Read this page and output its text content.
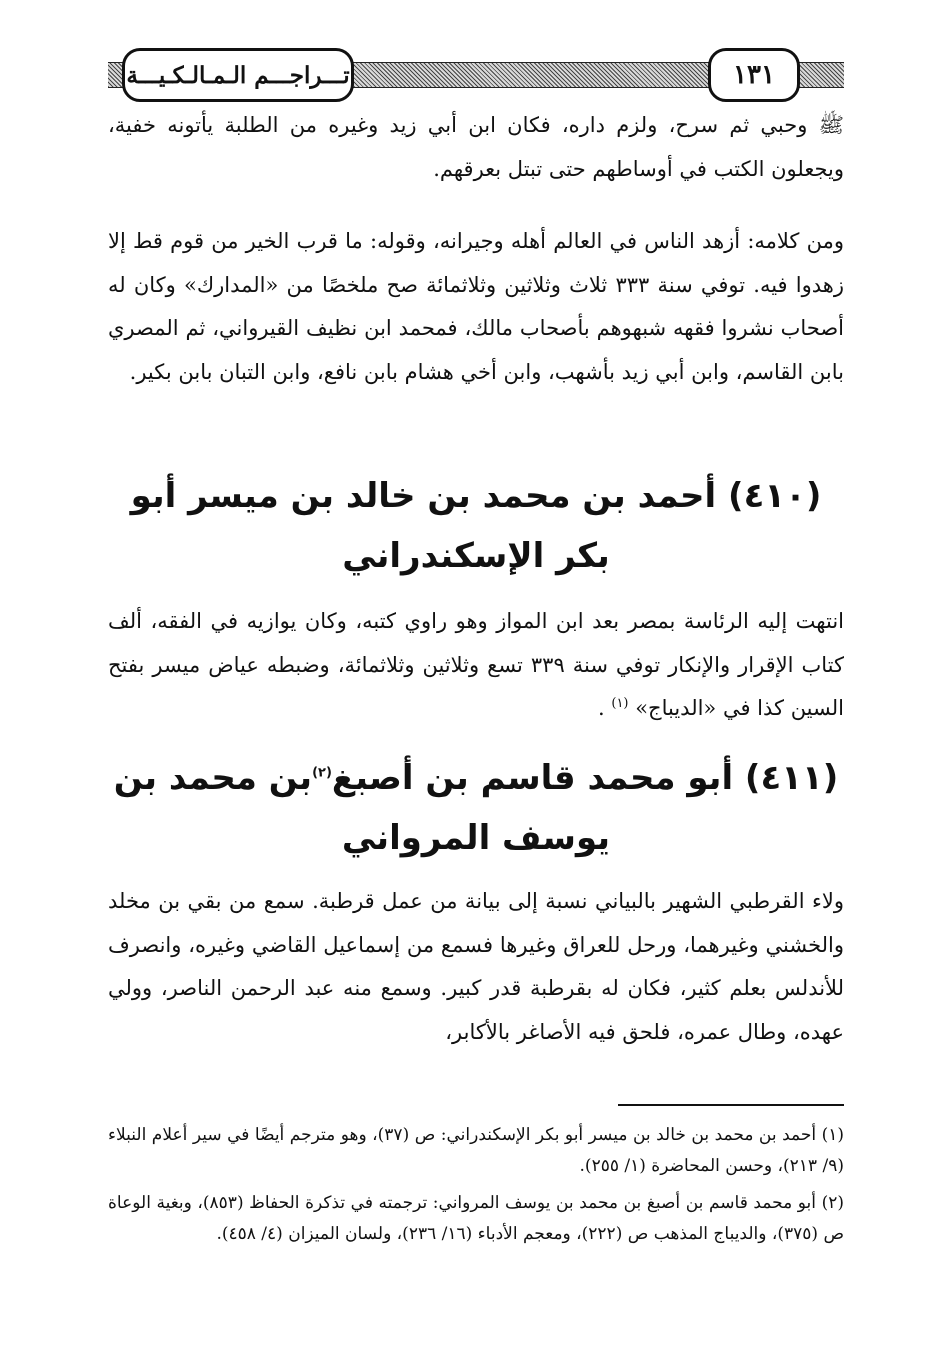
تـــراجـــم الـمـالـكـيـــة	١٣١

ﷺ وحبي ثم سرح، ولزم داره، فكان ابن أبي زيد وغيره من الطلبة يأتونه خفية، ويجعلون الكتب في أوساطهم حتى تبتل بعرقهم.

ومن كلامه: أزهد الناس في العالم أهله وجيرانه، وقوله: ما قرب الخير من قوم قط إلا زهدوا فيه. توفي سنة ٣٣٣ ثلاث وثلاثين وثلاثمائة صح ملخصًا من «المدارك» وكان له أصحاب نشروا فقهه شبهوهم بأصحاب مالك، فمحمد ابن نظيف القيرواني، ثم المصري بابن القاسم، وابن أبي زيد بأشهب، وابن أخي هشام بابن نافع، وابن التبان بابن بكير.

(٤١٠) أحمد بن محمد بن خالد بن ميسر أبو بكر الإسكندراني

انتهت إليه الرئاسة بمصر بعد ابن المواز وهو راوي كتبه، وكان يوازيه في الفقه، ألف كتاب الإقرار والإنكار توفي سنة ٣٣٩ تسع وثلاثين وثلاثمائة، وضبطه عياض ميسر بفتح السين كذا في «الديباج» $^{(١)}$ .

(٤١١) أبو محمد قاسم بن أصبغ$^{(٢)}$بن محمد بن يوسف المرواني

ولاء القرطبي الشهير بالبياني نسبة إلى بيانة من عمل قرطبة. سمع من بقي بن مخلد والخشني وغيرهما، ورحل للعراق وغيرها فسمع من إسماعيل القاضي وغيره، وانصرف للأندلس بعلم كثير، فكان له بقرطبة قدر كبير. وسمع منه عبد الرحمن الناصر، وولي عهده، وطال عمره، فلحق فيه الأصاغر بالأكابر،

(١) أحمد بن محمد بن خالد بن ميسر أبو بكر الإسكندراني: ص (٣٧)، وهو مترجم أيضًا في سير أعلام النبلاء (٩/ ٢١٣)، وحسن المحاضرة (١/ ٢٥٥).

(٢) أبو محمد قاسم بن أصبغ بن محمد بن يوسف المرواني: ترجمته في تذكرة الحفاظ (٨٥٣)، وبغية الوعاة ص (٣٧٥)، والديباج المذهب ص (٢٢٢)، ومعجم الأدباء (١٦/ ٢٣٦)، ولسان الميزان (٤/ ٤٥٨).
